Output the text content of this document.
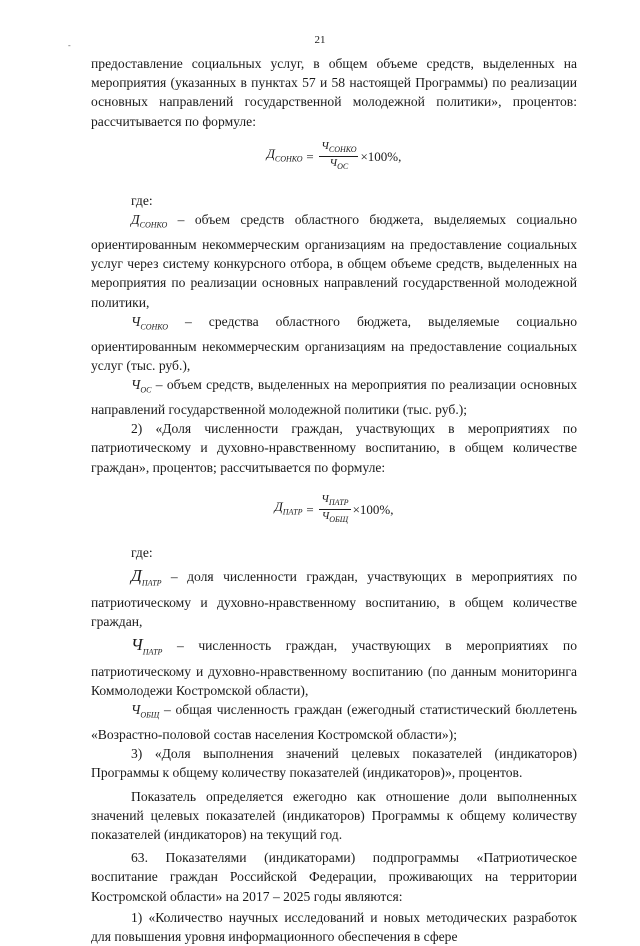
21
-

предоставление социальных услуг, в общем объеме средств, выделенных на мероприятия (указанных в пунктах 57 и 58 настоящей Программы) по реализации основных направлений государственной молодежной политики», процентов: рассчитывается по формуле:

$Д_{СОНКО} = \frac{Ч_{СОНКО}}{Ч_{ОС}} \times 100\%$,

где:

$Д_{СОНКО}$ – объем средств областного бюджета, выделяемых социально ориентированным некоммерческим организациям на предоставление социальных услуг через систему конкурсного отбора, в общем объеме средств, выделенных на мероприятия по реализации основных направлений государственной молодежной политики,

$Ч_{СОНКО}$ – средства областного бюджета, выделяемые социально ориентированным некоммерческим организациям на предоставление социальных услуг (тыс. руб.),

$Ч_{ОС}$ – объем средств, выделенных на мероприятия по реализации основных направлений государственной молодежной политики (тыс. руб.);

2) «Доля численности граждан, участвующих в мероприятиях по патриотическому и духовно-нравственному воспитанию, в общем количестве граждан», процентов; рассчитывается по формуле:

$Д_{ПАТР} = \frac{Ч_{ПАТР}}{Ч_{ОБЩ}} \times 100\%$,

где:

$Д_{ПАТР}$ – доля численности граждан, участвующих в мероприятиях по патриотическому и духовно-нравственному воспитанию, в общем количестве граждан,

$Ч_{ПАТР}$ – численность граждан, участвующих в мероприятиях по патриотическому и духовно-нравственному воспитанию (по данным мониторинга Коммолодежи Костромской области),

$Ч_{ОБЩ}$ – общая численность граждан (ежегодный статистический бюллетень «Возрастно-половой состав населения Костромской области»);

3) «Доля выполнения значений целевых показателей (индикаторов) Программы к общему количеству показателей (индикаторов)», процентов.

Показатель определяется ежегодно как отношение доли выполненных значений целевых показателей (индикаторов) Программы к общему количеству показателей (индикаторов) на текущий год.

63. Показателями (индикаторами) подпрограммы «Патриотическое воспитание граждан Российской Федерации, проживающих на территории Костромской области» на 2017 – 2025 годы являются:

1) «Количество научных исследований и новых методических разработок для повышения уровня информационного обеспечения в сфере
